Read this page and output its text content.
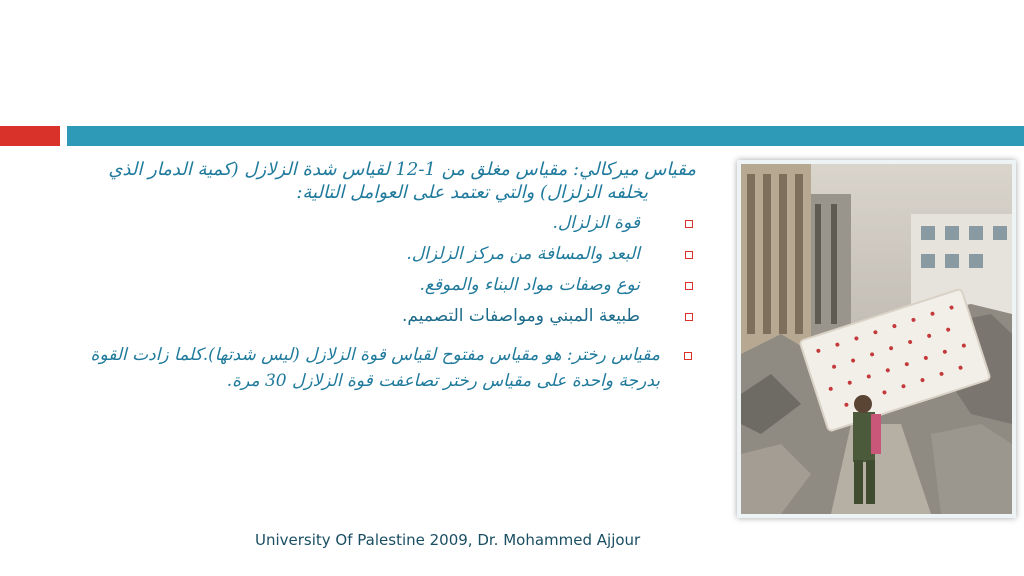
مقياس ميركالي: مقياس مغلق من 1-12 لقياس شدة الزلازل (كمية الدمار الذي
يخلفه الزلزال) والتي تعتمد على العوامل التالية:

قوة الزلزال.
البعد والمسافة من مركز الزلزال.
نوع وصفات مواد البناء والموقع.
طبيعة المبني ومواصفات التصميم.
مقياس رختر: هو مقياس مفتوح لقياس قوة الزلازل (ليس شدتها).كلما زادت القوة بدرجة واحدة على مقياس رختر تصاعفت قوة الزلازل 30 مرة.
University Of Palestine 2009, Dr. Mohammed Ajjour
